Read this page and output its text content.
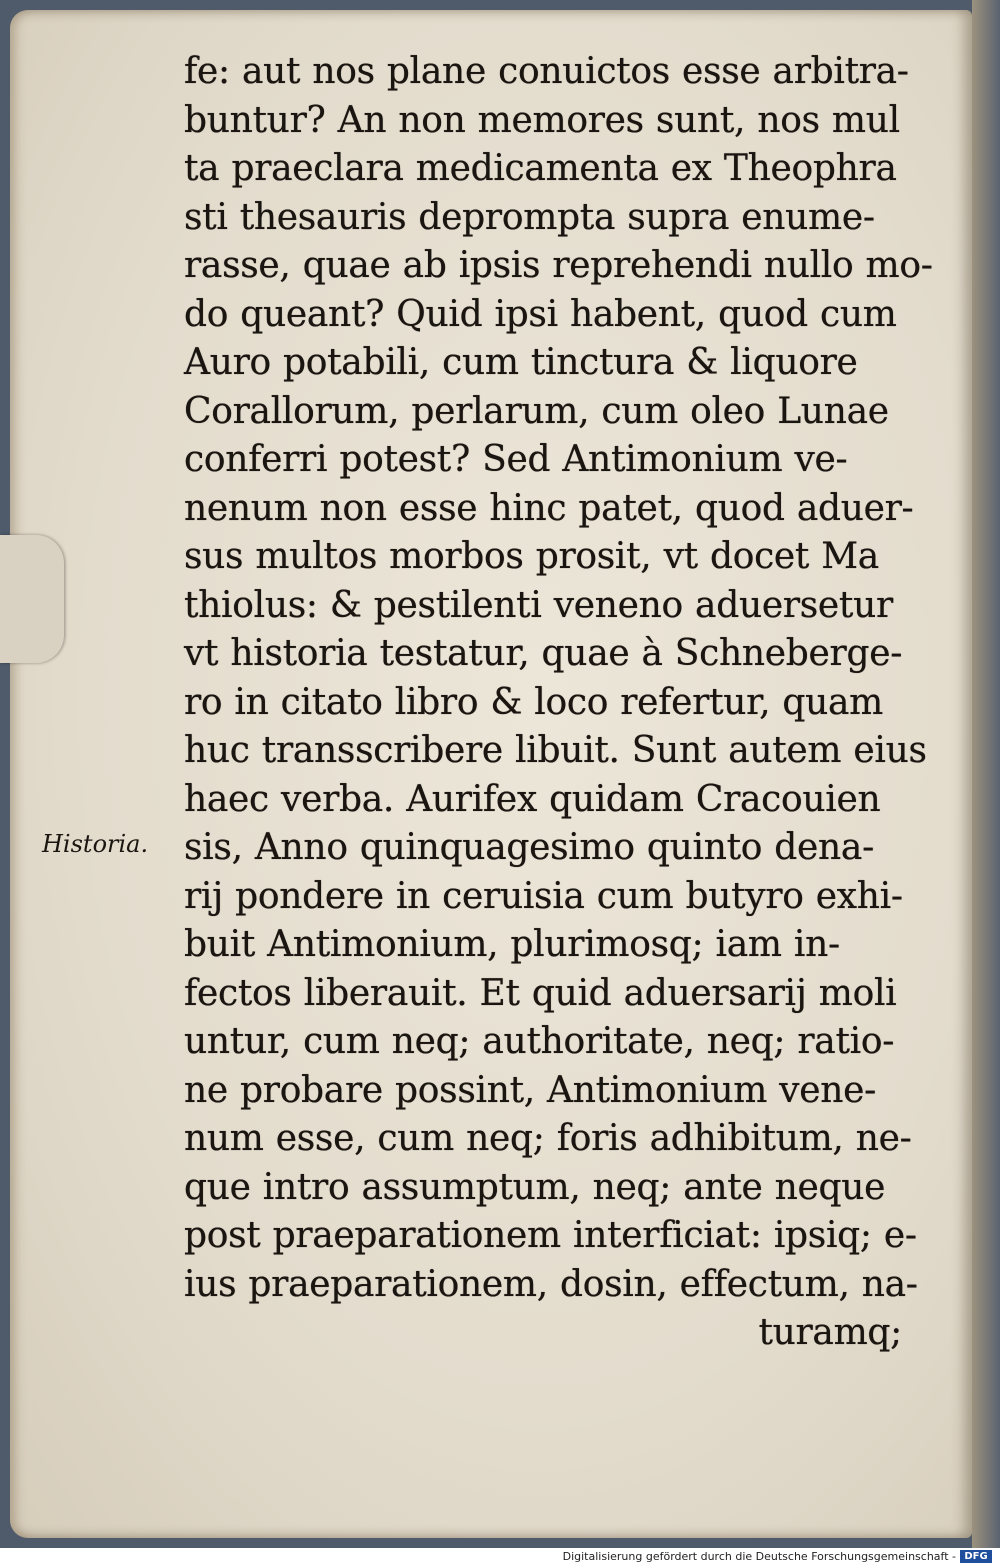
Historia.
fe: aut nos plane conuictos esse arbitra-
buntur? An non memores sunt, nos mul
ta praeclara medicamenta ex Theophra
sti thesauris deprompta supra enume-
rasse, quae ab ipsis reprehendi nullo mo-
do queant? Quid ipsi habent, quod cum
Auro potabili, cum tinctura & liquore
Corallorum, perlarum, cum oleo Lunae
conferri potest? Sed Antimonium ve-
nenum non esse hinc patet, quod aduer-
sus multos morbos prosit, vt docet Ma
thiolus: & pestilenti veneno aduersetur
vt historia testatur, quae à Schneberge-
ro in citato libro & loco refertur, quam
huc transscribere libuit. Sunt autem eius
haec verba. Aurifex quidam Cracouien
sis, Anno quinquagesimo quinto dena-
rij pondere in ceruisia cum butyro exhi-
buit Antimonium, plurimosq; iam in-
fectos liberauit. Et quid aduersarij moli
untur, cum neq; authoritate, neq; ratio-
ne probare possint, Antimonium vene-
num esse, cum neq; foris adhibitum, ne-
que intro assumptum, neq; ante neque
post praeparationem interficiat: ipsiq; e-
ius praeparationem, dosin, effectum, na-
turamq;
Digitalisierung gefördert durch die Deutsche Forschungsgemeinschaft - DFG
